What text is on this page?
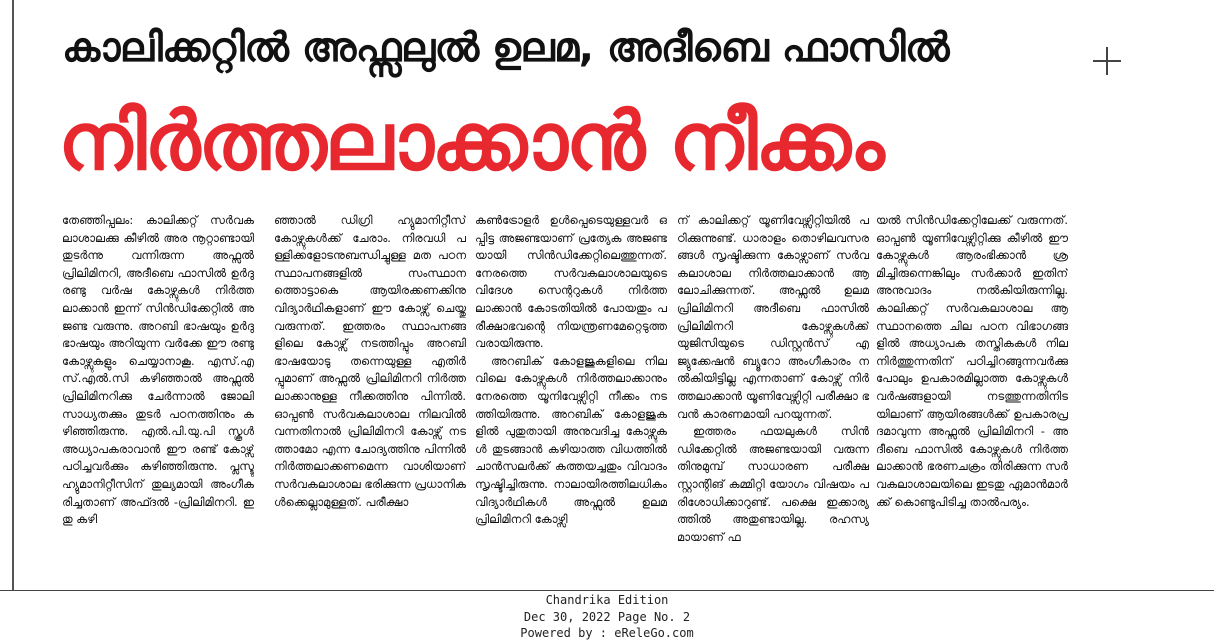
കാലിക്കറ്റിൽ അഫ്സലുൽ ഉലമ, അദീബെ ഫാസിൽ
നിർത്തലാക്കാൻ നീക്കം

തേഞ്ഞിപ്പലം: കാലിക്കറ്റ് സർവകലാശാലക്കു കീഴിൽ അര നൂറ്റാണ്ടായി തുടർന്നു വന്നിരുന്ന അഫ്സൽ പ്രിലിമിനറി, അദീബെ ഫാസിൽ ഉർദു രണ്ടു വർഷ കോഴ്സുകൾ നിർത്തലാക്കാൻ ഇന്ന് സിൻഡിക്കേറ്റിൽ അജണ്ട വരുന്നു. അറബി ഭാഷയും ഉർദു ഭാഷയും അറിയുന്ന വർക്കേ ഈ രണ്ടു കോഴ്സുകളും ചെയ്യാനാകൂ. എസ്.എസ്.എൽ.സി കഴിഞ്ഞാൽ അഫ്സൽ പ്രിലിമിനറിക്കു ചേർന്നാൽ ജോലി സാധ്യതക്കും തുടർ പഠനത്തിനും കഴിഞ്ഞിരുന്നു. എൽ.പി.യു.പി സ്കൂൾ അധ്യാപകരാവാൻ ഈ രണ്ട് കോഴ്സ് പഠിച്ചവർക്കും കഴിഞ്ഞിരുന്നു. പ്ലസ്ടു ഹ്യുമാനിറ്റീസിന് തുല്യമായി അംഗീകരിച്ചതാണ് അഫ്ദൽ -പ്രിലിമിനറി. ഇതു കഴി

ഞ്ഞാൽ ഡിഗ്രി ഹ്യുമാനിറ്റീസ് കോഴ്സുകൾക്ക് ചേരാം. നിരവധി പള്ളിക്കളോടനുബന്ധിച്ചുള്ള മത പഠന സ്ഥാപനങ്ങളിൽ സംസ്ഥാനത്തൊട്ടാകെ ആയിരക്കണക്കിനു വിദ്യാർഥികളാണ് ഈ കോഴ്സ് ചെയ്തു വരുന്നത്. ഇത്തരം സ്ഥാപനങ്ങളിലെ കോഴ്സ് നടത്തിപ്പും അറബി ഭാഷയോടു തന്നെയുള്ള എതിർപ്പുമാണ് അഫ്സൽ പ്രിലിമിനറി നിർത്തലാക്കാനുള്ള നീക്കത്തിനു പിന്നിൽ. ഓപ്പൺ സർവകലാശാല നിലവിൽ വന്നതിനാൽ പ്രിലിമിനറി കോഴ്സ് നടത്താമോ എന്ന ചോദ്യത്തിനു പിന്നിൽ നിർത്തലാക്കണമെന്ന വാശിയാണ് സർവകലാശാല ഭരിക്കുന്ന പ്രധാനികൾക്കെല്ലാമുള്ളത്. പരീക്ഷാ

കൺട്രോളർ ഉൾപ്പെടെയുള്ളവർ ഒപ്പിട്ട അജണ്ടയാണ് പ്രത്യേക അജണ്ടയായി സിൻഡിക്കേറ്റിലെത്തുന്നത്. നേരത്തെ സർവകലാശാലയുടെ വിദേശ സെന്ററുകൾ നിർത്തലാക്കാൻ കോടതിയിൽ പോയതും പരീക്ഷാഭവന്റെ നിയന്ത്രണമേറ്റെടുത്തവരായിരുന്നു.

അറബിക് കോളജുകളിലെ നിലവിലെ കോഴ്സുകൾ നിർത്തലാക്കാനും നേരത്തെ യൂനിവേഴ്സിറ്റി നീക്കം നടത്തിയിരുന്നു. അറബിക് കോളജുകളിൽ പുതുതായി അനുവദിച്ച കോഴ്സുകൾ തുടങ്ങാൻ കഴിയാത്ത വിധത്തിൽ ചാൻസലർക്ക് കത്തയച്ചതും വിവാദം സൃഷ്ടിച്ചിരുന്നു. നാലായിരത്തിലധികം വിദ്യാർഥികൾ അഫ്സൽ ഉലമ പ്രിലിമിനറി കോഴ്സി

ന് കാലിക്കറ്റ് യൂണിവേഴ്സിറ്റിയിൽ പഠിക്കുന്നുണ്ട്. ധാരാളം തൊഴിലവസരങ്ങൾ സൃഷ്ടിക്കുന്ന കോഴ്സാണ് സർവകലാശാല നിർത്തലാക്കാൻ ആലോചിക്കുന്നത്. അഫ്സൽ ഉലമ പ്രിലിമിനറി അദീബെ ഫാസിൽ പ്രിലിമിനറി കോഴ്സുകൾക്ക് യുജിസിയുടെ ഡിസ്റ്റൻസ് എജ്യുക്കേഷൻ ബ്യൂറോ അംഗീകാരം നൽകിയിട്ടില്ല എന്നതാണ് കോഴ്സ് നിർത്തലാക്കാൻ യൂണിവേഴ്സിറ്റി പരീക്ഷാ ഭവൻ കാരണമായി പറയുന്നത്.

ഇത്തരം ഫയലുകൾ സിൻഡിക്കേറ്റിൽ അജണ്ടയായി വരുന്നതിനുമുമ്പ് സാധാരണ പരീക്ഷ സ്റ്റാന്റിങ് കമ്മിറ്റി യോഗം വിഷയം പരിശോധിക്കാറുണ്ട്. പക്ഷെ ഇക്കാര്യത്തിൽ അതുണ്ടായില്ല. രഹസ്യമായാണ് ഫ

യൽ സിൻഡിക്കേറ്റിലേക്ക് വരുന്നത്. ഓപ്പൺ യൂണിവേഴ്സിറ്റിക്കു കീഴിൽ ഈ കോഴ്സുകൾ ആരംഭിക്കാൻ ശ്രമിച്ചിരുന്നെങ്കിലും സർക്കാർ ഇതിന് അനുവാദം നൽകിയിരുന്നില്ല. കാലിക്കറ്റ് സർവകലാശാല ആസ്ഥാനത്തെ ചില പഠന വിഭാഗങ്ങളിൽ അധ്യാപക തസ്തികകൾ നിലനിർത്തുന്നതിന് പഠിച്ചിറങ്ങുന്നവർക്കു പോലും ഉപകാരമില്ലാത്ത കോഴ്സുകൾ വർഷങ്ങളായി നടത്തുന്നതിനിടയിലാണ് ആയിരങ്ങൾക്ക് ഉപകാരപ്രദമാവുന്ന അഫ്സൽ പ്രിലിമിനറി - അദീബെ ഫാസിൽ കോഴ്സുകൾ നിർത്തലാക്കാൻ ഭരണചക്രം തിരിക്കുന്ന സർവകലാശാലയിലെ ഇടതു ഏമാൻമാർക്ക് കൊണ്ടുപിടിച്ച താൽപര്യം.

Chandrika Edition
Dec 30, 2022 Page No. 2
Powered by : eReleGo.com
